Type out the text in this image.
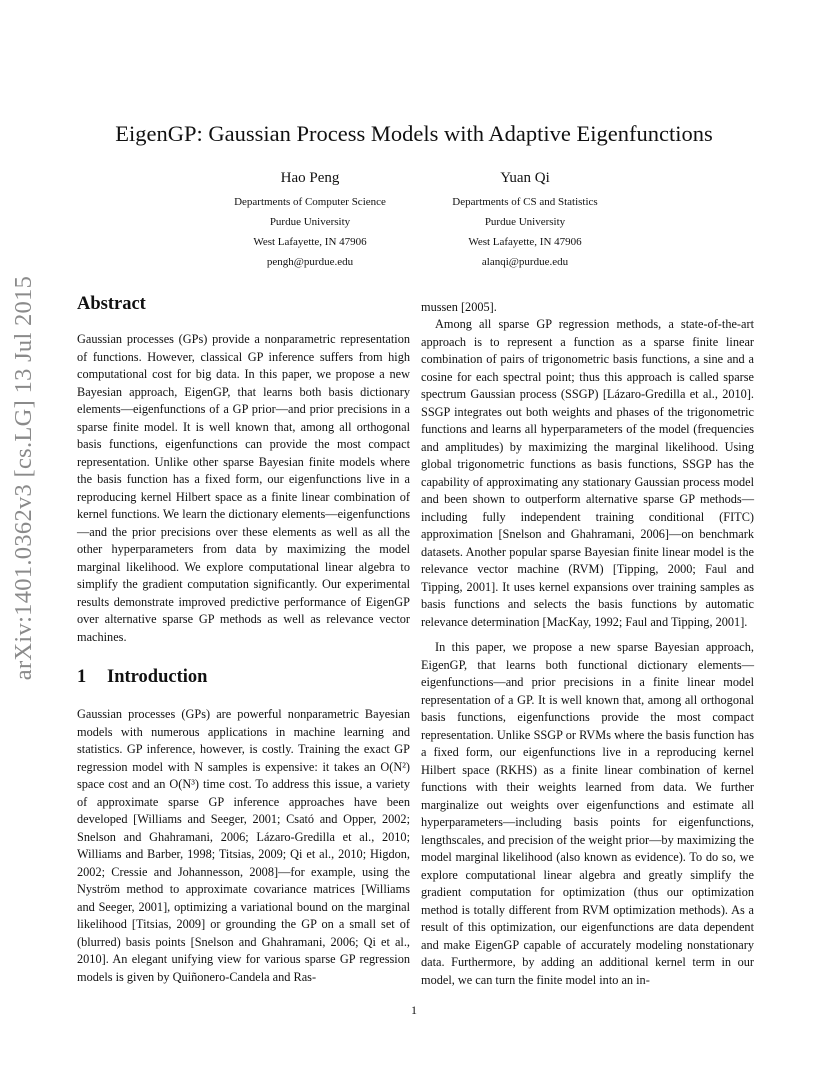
arXiv:1401.0362v3 [cs.LG] 13 Jul 2015
EigenGP: Gaussian Process Models with Adaptive Eigenfunctions
Hao Peng
Departments of Computer Science
Purdue University
West Lafayette, IN 47906
pengh@purdue.edu
Yuan Qi
Departments of CS and Statistics
Purdue University
West Lafayette, IN 47906
alanqi@purdue.edu
Abstract
Gaussian processes (GPs) provide a nonparametric representation of functions. However, classical GP inference suffers from high computational cost for big data. In this paper, we propose a new Bayesian approach, EigenGP, that learns both basis dictionary elements—eigenfunctions of a GP prior—and prior precisions in a sparse finite model. It is well known that, among all orthogonal basis functions, eigenfunctions can provide the most compact representation. Unlike other sparse Bayesian finite models where the basis function has a fixed form, our eigenfunctions live in a reproducing kernel Hilbert space as a finite linear combination of kernel functions. We learn the dictionary elements—eigenfunctions—and the prior precisions over these elements as well as all the other hyperparameters from data by maximizing the model marginal likelihood. We explore computational linear algebra to simplify the gradient computation significantly. Our experimental results demonstrate improved predictive performance of EigenGP over alternative sparse GP methods as well as relevance vector machines.
1 Introduction
Gaussian processes (GPs) are powerful nonparametric Bayesian models with numerous applications in machine learning and statistics. GP inference, however, is costly. Training the exact GP regression model with N samples is expensive: it takes an O(N²) space cost and an O(N³) time cost. To address this issue, a variety of approximate sparse GP inference approaches have been developed [Williams and Seeger, 2001; Csató and Opper, 2002; Snelson and Ghahramani, 2006; Lázaro-Gredilla et al., 2010; Williams and Barber, 1998; Titsias, 2009; Qi et al., 2010; Higdon, 2002; Cressie and Johannesson, 2008]—for example, using the Nyström method to approximate covariance matrices [Williams and Seeger, 2001], optimizing a variational bound on the marginal likelihood [Titsias, 2009] or grounding the GP on a small set of (blurred) basis points [Snelson and Ghahramani, 2006; Qi et al., 2010]. An elegant unifying view for various sparse GP regression models is given by Quiñonero-Candela and Ras-
mussen [2005].
Among all sparse GP regression methods, a state-of-the-art approach is to represent a function as a sparse finite linear combination of pairs of trigonometric basis functions, a sine and a cosine for each spectral point; thus this approach is called sparse spectrum Gaussian process (SSGP) [Lázaro-Gredilla et al., 2010]. SSGP integrates out both weights and phases of the trigonometric functions and learns all hyperparameters of the model (frequencies and amplitudes) by maximizing the marginal likelihood. Using global trigonometric functions as basis functions, SSGP has the capability of approximating any stationary Gaussian process model and been shown to outperform alternative sparse GP methods—including fully independent training conditional (FITC) approximation [Snelson and Ghahramani, 2006]—on benchmark datasets. Another popular sparse Bayesian finite linear model is the relevance vector machine (RVM) [Tipping, 2000; Faul and Tipping, 2001]. It uses kernel expansions over training samples as basis functions and selects the basis functions by automatic relevance determination [MacKay, 1992; Faul and Tipping, 2001].
In this paper, we propose a new sparse Bayesian approach, EigenGP, that learns both functional dictionary elements—eigenfunctions—and prior precisions in a finite linear model representation of a GP. It is well known that, among all orthogonal basis functions, eigenfunctions provide the most compact representation. Unlike SSGP or RVMs where the basis function has a fixed form, our eigenfunctions live in a reproducing kernel Hilbert space (RKHS) as a finite linear combination of kernel functions with their weights learned from data. We further marginalize out weights over eigenfunctions and estimate all hyperparameters—including basis points for eigenfunctions, lengthscales, and precision of the weight prior—by maximizing the model marginal likelihood (also known as evidence). To do so, we explore computational linear algebra and greatly simplify the gradient computation for optimization (thus our optimization method is totally different from RVM optimization methods). As a result of this optimization, our eigenfunctions are data dependent and make EigenGP capable of accurately modeling nonstationary data. Furthermore, by adding an additional kernel term in our model, we can turn the finite model into an in-
1
